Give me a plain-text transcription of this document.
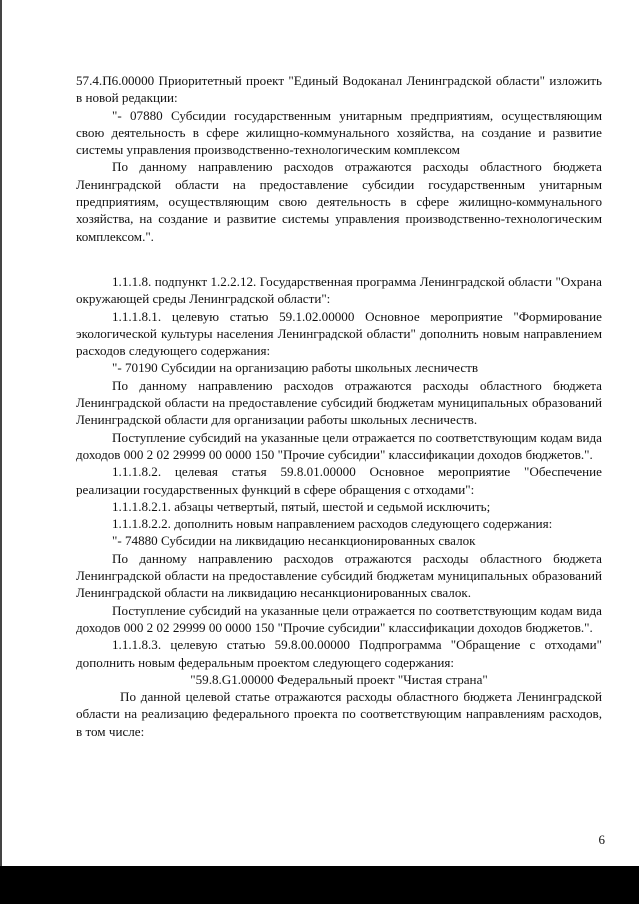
57.4.П6.00000 Приоритетный проект "Единый Водоканал Ленинградской области" изложить в новой редакции:

"- 07880 Субсидии государственным унитарным предприятиям, осуществляющим свою деятельность в сфере жилищно-коммунального хозяйства, на создание и развитие системы управления производственно-технологическим комплексом

По данному направлению расходов отражаются расходы областного бюджета Ленинградской области на предоставление субсидии государственным унитарным предприятиям, осуществляющим свою деятельность в сфере жилищно-коммунального хозяйства, на создание и развитие системы управления производственно-технологическим комплексом.".

1.1.1.8. подпункт 1.2.2.12. Государственная программа Ленинградской области "Охрана окружающей среды Ленинградской области":

1.1.1.8.1. целевую статью 59.1.02.00000 Основное мероприятие "Формирование экологической культуры населения Ленинградской области" дополнить новым направлением расходов следующего содержания:

"- 70190 Субсидии на организацию работы школьных лесничеств

По данному направлению расходов отражаются расходы областного бюджета Ленинградской области на предоставление субсидий бюджетам муниципальных образований Ленинградской области для организации работы школьных лесничеств.

Поступление субсидий на указанные цели отражается по соответствующим кодам вида доходов 000 2 02 29999 00 0000 150 "Прочие субсидии" классификации доходов бюджетов.".

1.1.1.8.2. целевая статья 59.8.01.00000 Основное мероприятие "Обеспечение реализации государственных функций в сфере обращения с отходами":

1.1.1.8.2.1. абзацы четвертый, пятый, шестой и седьмой исключить;

1.1.1.8.2.2. дополнить новым направлением расходов следующего содержания:

"- 74880 Субсидии на ликвидацию несанкционированных свалок

По данному направлению расходов отражаются расходы областного бюджета Ленинградской области на предоставление субсидий бюджетам муниципальных образований Ленинградской области на ликвидацию несанкционированных свалок.

Поступление субсидий на указанные цели отражается по соответствующим кодам вида доходов 000 2 02 29999 00 0000 150 "Прочие субсидии" классификации доходов бюджетов.".

1.1.1.8.3. целевую статью 59.8.00.00000 Подпрограмма "Обращение с отходами" дополнить новым федеральным проектом следующего содержания:

"59.8.G1.00000 Федеральный проект "Чистая страна"

По данной целевой статье отражаются расходы областного бюджета Ленинградской области на реализацию федерального проекта по соответствующим направлениям расходов, в том числе:

6
